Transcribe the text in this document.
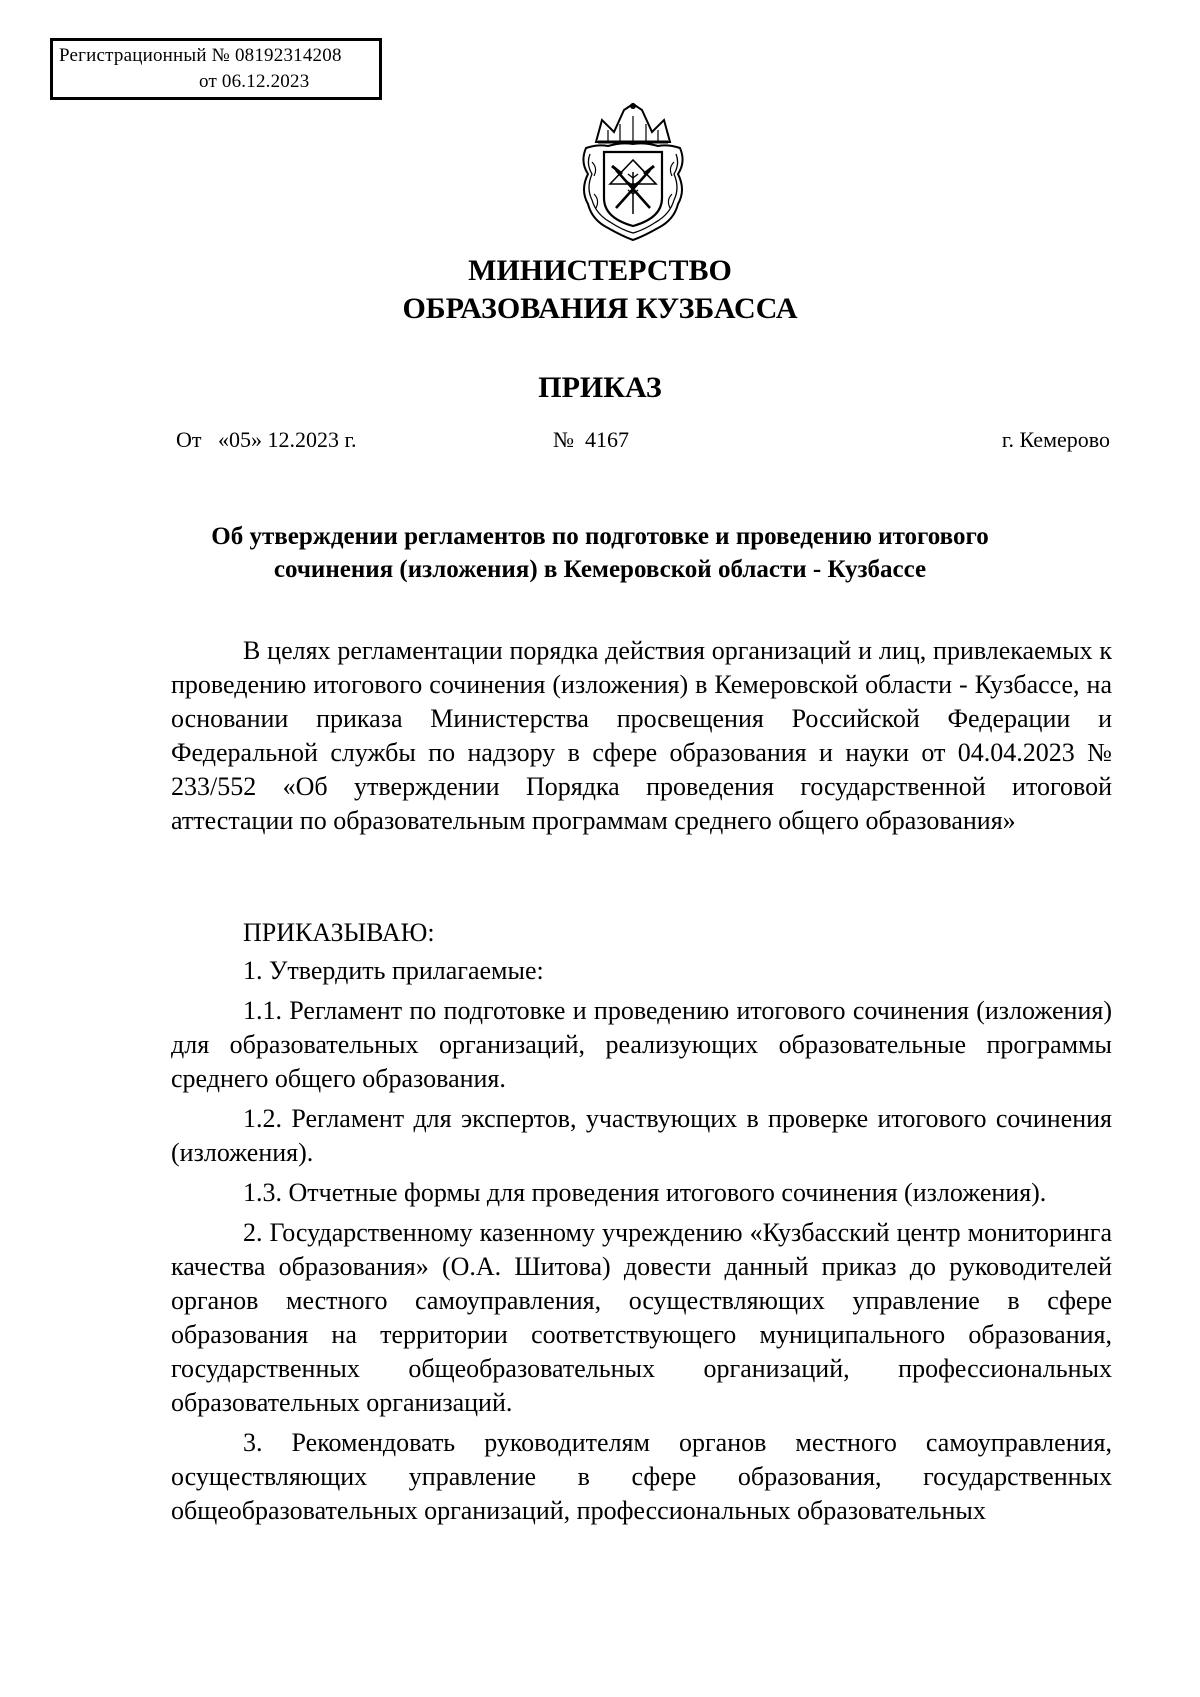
Регистрационный № 08192314208
от 06.12.2023
МИНИСТЕРСТВО
ОБРАЗОВАНИЯ КУЗБАССА
ПРИКАЗ
От   «05» 12.2023 г.	№  4167	г. Кемерово
Об утверждении регламентов по подготовке и проведению итогового сочинения (изложения) в Кемеровской области - Кузбассе

В целях регламентации порядка действия организаций и лиц, привлекаемых к проведению итогового сочинения (изложения) в Кемеровской области - Кузбассе, на основании приказа Министерства просвещения Российской Федерации и Федеральной службы по надзору в сфере образования и науки от 04.04.2023 № 233/552 «Об утверждении Порядка проведения государственной итоговой аттестации по образовательным программам среднего общего образования»

ПРИКАЗЫВАЮ:

1. Утвердить прилагаемые:

1.1. Регламент по подготовке и проведению итогового сочинения (изложения) для образовательных организаций, реализующих образовательные программы среднего общего образования.

1.2. Регламент для экспертов, участвующих в проверке итогового сочинения (изложения).

1.3. Отчетные формы для проведения итогового сочинения (изложения).

2. Государственному казенному учреждению «Кузбасский центр мониторинга качества образования» (О.А. Шитова) довести данный приказ до руководителей органов местного самоуправления, осуществляющих управление в сфере образования на территории соответствующего муниципального образования, государственных общеобразовательных организаций, профессиональных образовательных организаций.

3. Рекомендовать руководителям органов местного самоуправления, осуществляющих управление в сфере образования, государственных общеобразовательных организаций, профессиональных образовательных
